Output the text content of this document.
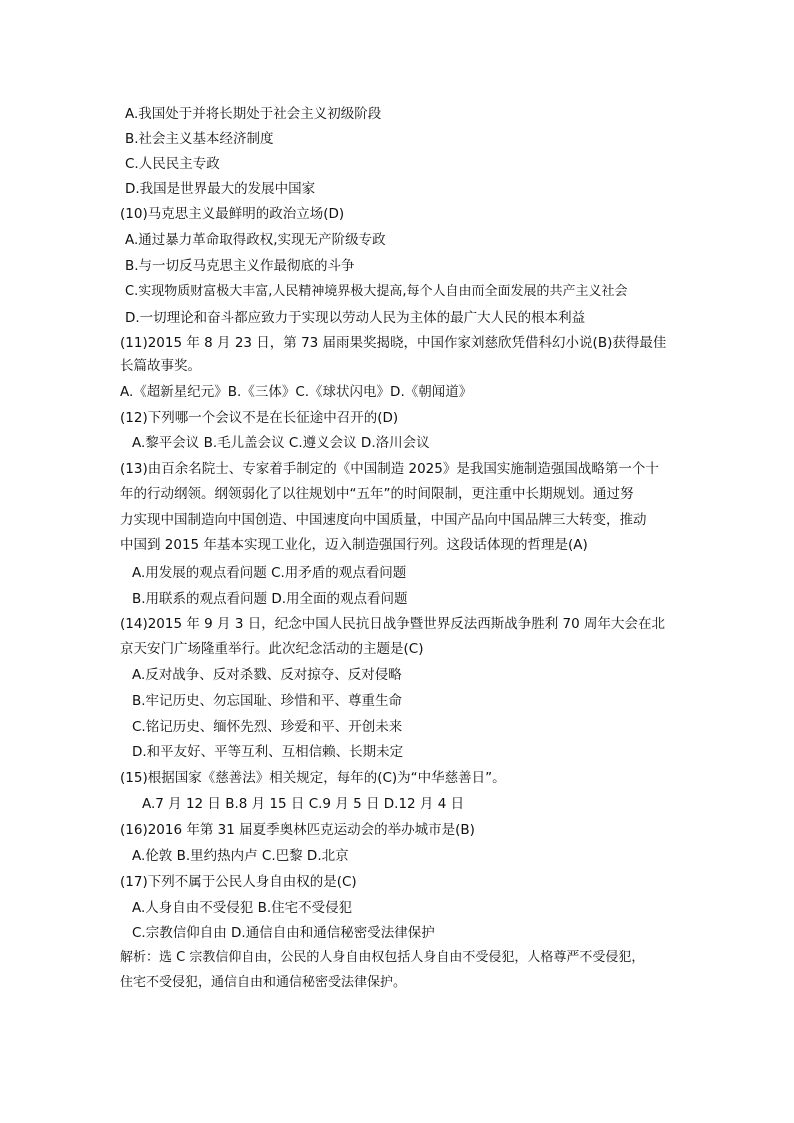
A.我国处于并将长期处于社会主义初级阶段
B.社会主义基本经济制度
C.人民民主专政
D.我国是世界最大的发展中国家
(10)马克思主义最鲜明的政治立场(D)
A.通过暴力革命取得政权,实现无产阶级专政
B.与一切反马克思主义作最彻底的斗争
C.实现物质财富极大丰富,人民精神境界极大提高,每个人自由而全面发展的共产主义社会
D.一切理论和奋斗都应致力于实现以劳动人民为主体的最广大人民的根本利益
(11)2015 年 8 月 23 日，第 73 届雨果奖揭晓，中国作家刘慈欣凭借科幻小说(B)获得最佳
长篇故事奖。
A.《超新星纪元》B.《三体》C.《球状闪电》D.《朝闻道》
(12)下列哪一个会议不是在长征途中召开的(D)
A.黎平会议 B.毛儿盖会议 C.遵义会议 D.洛川会议
(13)由百余名院士、专家着手制定的《中国制造 2025》是我国实施制造强国战略第一个十
年的行动纲领。纲领弱化了以往规划中“五年”的时间限制，更注重中长期规划。通过努
力实现中国制造向中国创造、中国速度向中国质量，中国产品向中国品牌三大转变，推动
中国到 2015 年基本实现工业化，迈入制造强国行列。这段话体现的哲理是(A)
A.用发展的观点看问题 C.用矛盾的观点看问题
B.用联系的观点看问题 D.用全面的观点看问题
(14)2015 年 9 月 3 日，纪念中国人民抗日战争暨世界反法西斯战争胜利 70 周年大会在北
京天安门广场隆重举行。此次纪念活动的主题是(C)
A.反对战争、反对杀戮、反对掠夺、反对侵略
B.牢记历史、勿忘国耻、珍惜和平、尊重生命
C.铭记历史、缅怀先烈、珍爱和平、开创未来
D.和平友好、平等互利、互相信赖、长期未定
(15)根据国家《慈善法》相关规定，每年的(C)为“中华慈善日”。
A.7 月 12 日 B.8 月 15 日 C.9 月 5 日 D.12 月 4 日
(16)2016 年第 31 届夏季奥林匹克运动会的举办城市是(B)
A.伦敦 B.里约热内卢 C.巴黎 D.北京
(17)下列不属于公民人身自由权的是(C)
A.人身自由不受侵犯 B.住宅不受侵犯
C.宗教信仰自由 D.通信自由和通信秘密受法律保护
解析：选 C 宗教信仰自由，公民的人身自由权包括人身自由不受侵犯，人格尊严不受侵犯，
住宅不受侵犯，通信自由和通信秘密受法律保护。
